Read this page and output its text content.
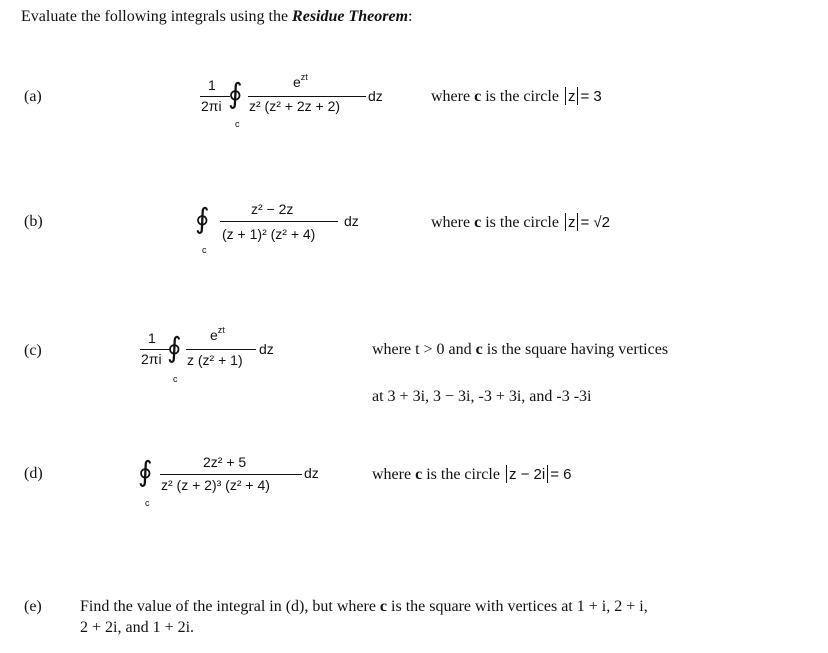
Evaluate the following integrals using the Residue Theorem:
(a)
1
2πi ∮
c
$e^{zt}$
z² (z² + 2z + 2)
dz	where c is the circle z = 3
(b)	∮
c
z² − 2z
(z + 1)² (z² + 4)
dz	where c is the circle z = √2
(c)
1
2πi ∮
c
$e^{zt}$
z (z² + 1)
dz	where t > 0 and c is the square having vertices
at 3 + 3i, 3 − 3i, -3 + 3i, and -3 -3i
(d)	∮
c
2z² + 5
z² (z + 2)³ (z² + 4)
dz	where c is the circle z − 2i = 6
(e) Find the value of the integral in (d), but where c is the square with vertices at 1 + i, 2 + i,
2 + 2i, and 1 + 2i.
